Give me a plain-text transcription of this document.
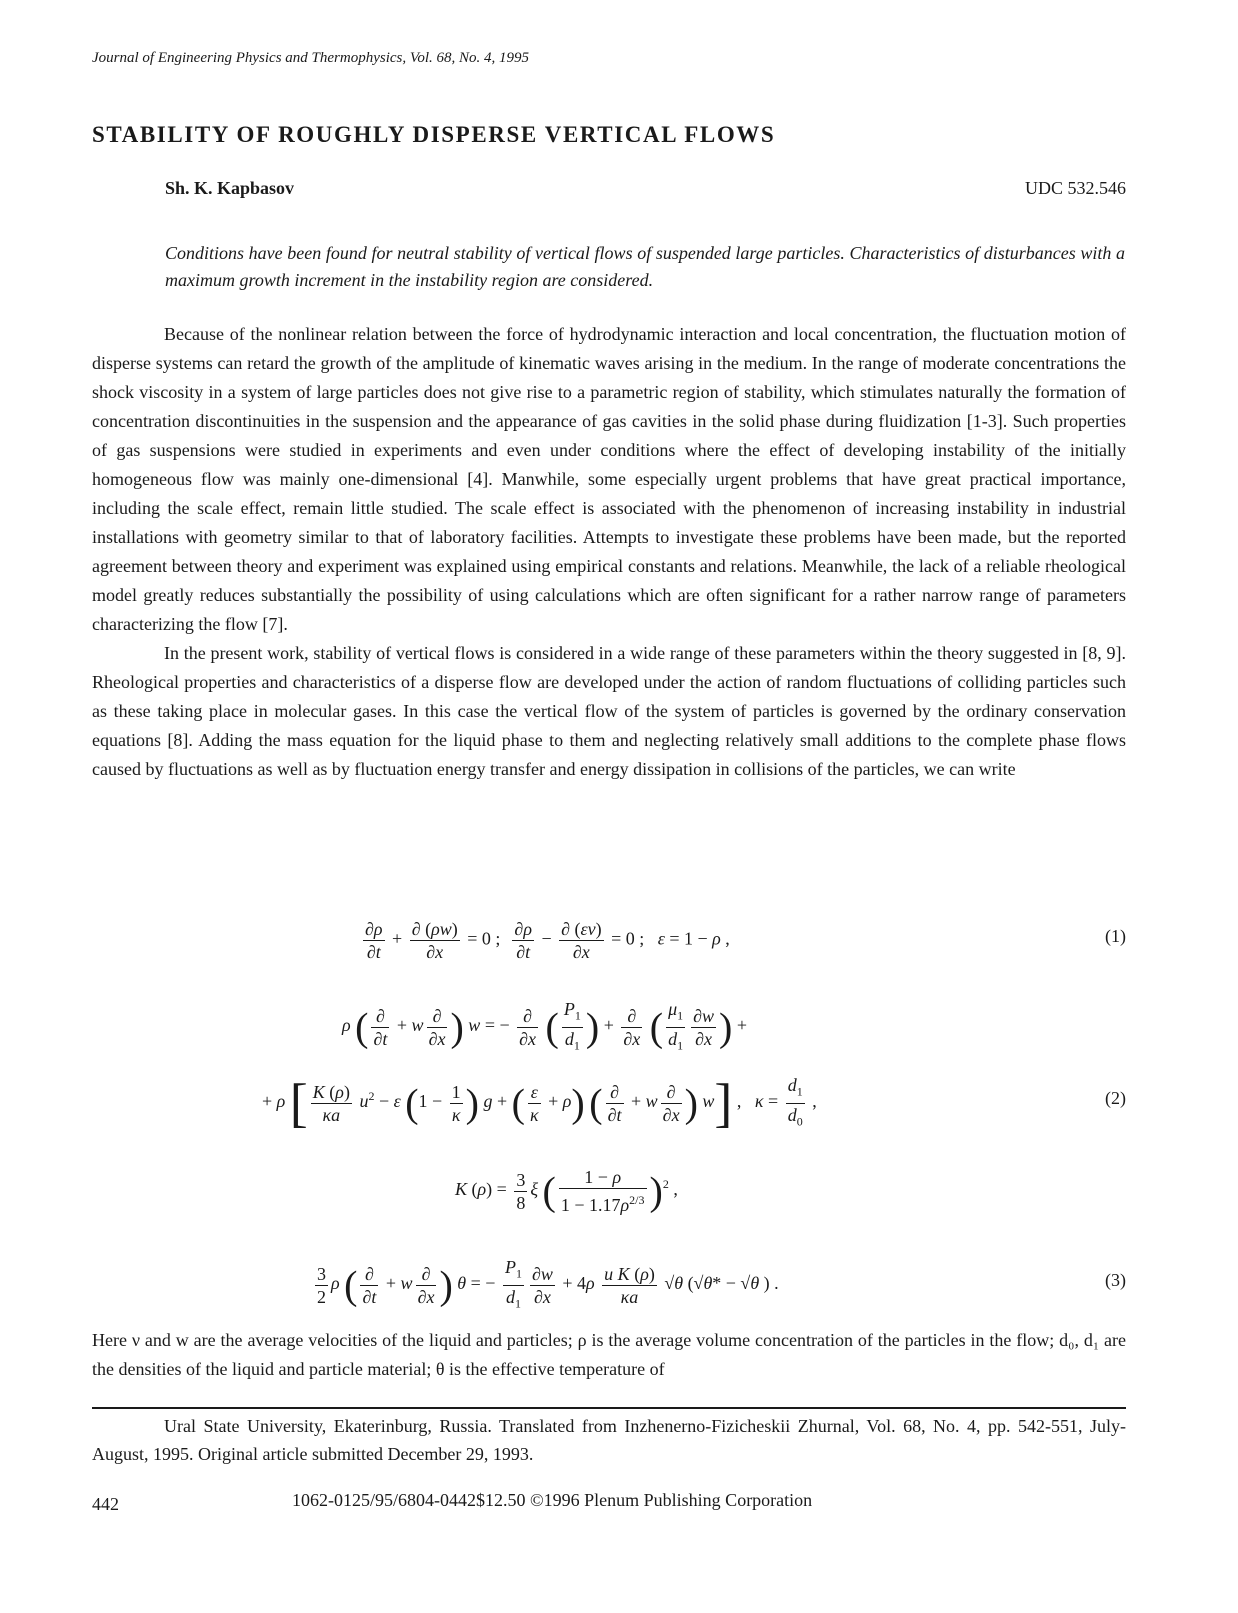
Journal of Engineering Physics and Thermophysics, Vol. 68, No. 4, 1995
STABILITY OF ROUGHLY DISPERSE VERTICAL FLOWS
Sh. K. Kapbasov	UDC 532.546
Conditions have been found for neutral stability of vertical flows of suspended large particles. Characteristics of disturbances with a maximum growth increment in the instability region are considered.

Because of the nonlinear relation between the force of hydrodynamic interaction and local concentration, the fluctuation motion of disperse systems can retard the growth of the amplitude of kinematic waves arising in the medium. In the range of moderate concentrations the shock viscosity in a system of large particles does not give rise to a parametric region of stability, which stimulates naturally the formation of concentration discontinuities in the suspension and the appearance of gas cavities in the solid phase during fluidization [1-3]. Such properties of gas suspensions were studied in experiments and even under conditions where the effect of developing instability of the initially homogeneous flow was mainly one-dimensional [4]. Manwhile, some especially urgent problems that have great practical importance, including the scale effect, remain little studied. The scale effect is associated with the phenomenon of increasing instability in industrial installations with geometry similar to that of laboratory facilities. Attempts to investigate these problems have been made, but the reported agreement between theory and experiment was explained using empirical constants and relations. Meanwhile, the lack of a reliable rheological model greatly reduces substantially the possibility of using calculations which are often significant for a rather narrow range of parameters characterizing the flow [7].

In the present work, stability of vertical flows is considered in a wide range of these parameters within the theory suggested in [8, 9]. Rheological properties and characteristics of a disperse flow are developed under the action of random fluctuations of colliding particles such as these taking place in molecular gases. In this case the vertical flow of the system of particles is governed by the ordinary conservation equations [8]. Adding the mass equation for the liquid phase to them and neglecting relatively small additions to the complete phase flows caused by fluctuations as well as by fluctuation energy transfer and energy dissipation in collisions of the particles, we can write

$\frac{\partial\rho}{\partial t} + \frac{\partial (\rho w)}{\partial x} = 0$ ; $\frac{\partial\rho}{\partial t} - \frac{\partial (\varepsilon\nu)}{\partial x} = 0$ ;   ε = 1 − ρ ,	(1)
ρ ( $\frac{\partial}{\partial t} + w \frac{\partial}{\partial x}$ ) w = − $\frac{\partial}{\partial x}$ ( $\frac{P_1}{d_1}$ ) + $\frac{\partial}{\partial x}$ ( $\frac{\mu_1}{d_1} \frac{\partial w}{\partial x}$ ) +
+ ρ [ $\frac{K (\rho)}{\kappa a} u^2 - \varepsilon$ ($1 - \frac{1}{\kappa}$ ) g + ( $\frac{\varepsilon}{\kappa} + \rho$) ( $\frac{\partial}{\partial t} + w \frac{\partial}{\partial x}$ ) w] ,   $\kappa = \frac{d_1}{d_0}$ ,	(2)
K $(\rho) = \frac{3}{8}$ ξ ( $\frac{1 - \rho}{1 - 1.17\rho^{2/3}} )^2$ ,
$\frac{3}{2}$ ρ ( $\frac{\partial}{\partial t} + w \frac{\partial}{\partial x}$ ) θ = − $\frac{P_1}{d_1} \frac{\partial w}{\partial x} + 4\rho \frac{\text{u K (ρ)}}{\kappa a} √\theta$ (√θ* − √θ ) .	(3)
Here ν and w are the average velocities of the liquid and particles; ρ is the average volume concentration of the particles in the flow; d₀, d₁ are the densities of the liquid and particle material; θ is the effective temperature of
Ural State University, Ekaterinburg, Russia. Translated from Inzhenerno-Fizicheskii Zhurnal, Vol. 68, No. 4, pp. 542-551, July-August, 1995. Original article submitted December 29, 1993.
442	1062-0125/95/6804-0442$12.50 ©1996 Plenum Publishing Corporation
